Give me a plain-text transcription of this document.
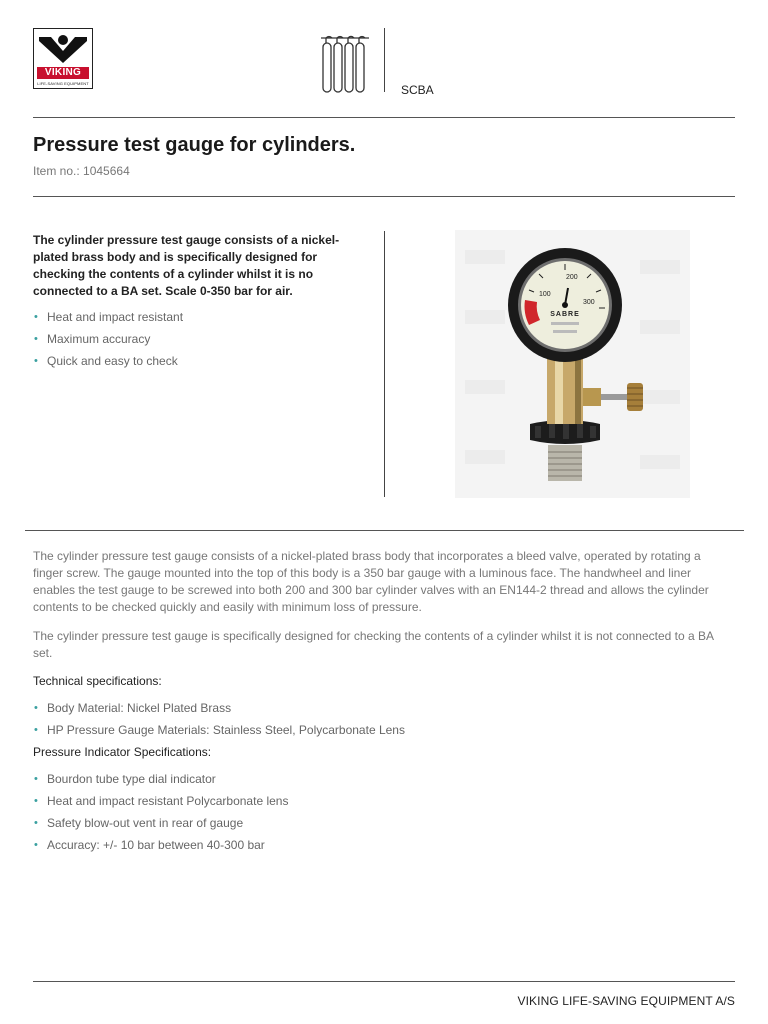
VIKING
LIFE-SAVING EQUIPMENT	SCBA
Pressure test gauge for cylinders.
Item no.: 1045664

The cylinder pressure test gauge consists of a nickel-plated brass body and is specifically designed for checking the contents of a cylinder whilst it is no connected to a BA set. Scale 0-350 bar for air.

• Heat and impact resistant
• Maximum accuracy
• Quick and easy to check
100
200
300
SABRE

The cylinder pressure test gauge consists of a nickel-plated brass body that incorporates a bleed valve, operated by rotating a finger screw. The gauge mounted into the top of this body is a 350 bar gauge with a luminous face. The handwheel and liner enables the test gauge to be screwed into both 200 and 300 bar cylinder valves with an EN144-2 thread and allows the cylinder contents to be checked quickly and easily with minimum loss of pressure.

The cylinder pressure test gauge is specifically designed for checking the contents of a cylinder whilst it is not connected to a BA set.

Technical specifications:
• Body Material: Nickel Plated Brass
• HP Pressure Gauge Materials: Stainless Steel, Polycarbonate Lens
Pressure Indicator Specifications:
• Bourdon tube type dial indicator
• Heat and impact resistant Polycarbonate lens
• Safety blow-out vent in rear of gauge
• Accuracy: +/- 10 bar between 40-300 bar
VIKING LIFE-SAVING EQUIPMENT A/S
